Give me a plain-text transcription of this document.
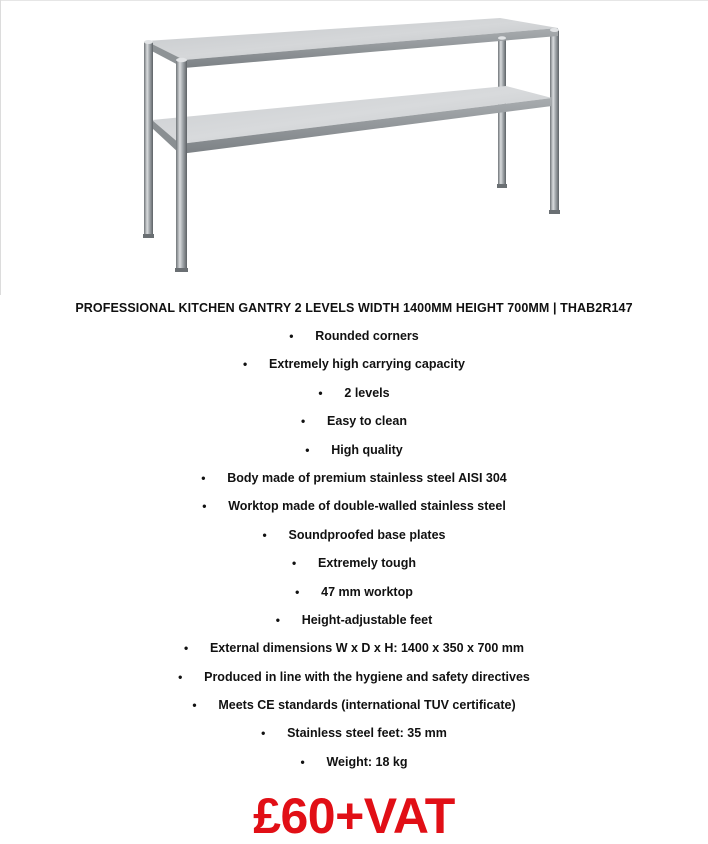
PROFESSIONAL KITCHEN GANTRY 2 LEVELS WIDTH 1400MM HEIGHT 700MM | THAB2R147
• Rounded corners
• Extremely high carrying capacity
• 2 levels
• Easy to clean
• High quality
• Body made of premium stainless steel AISI 304
• Worktop made of double-walled stainless steel
• Soundproofed base plates
• Extremely tough
• 47 mm worktop
• Height-adjustable feet
• External dimensions W x D x H: 1400 x 350 x 700 mm
• Produced in line with the hygiene and safety directives
• Meets CE standards (international TUV certificate)
• Stainless steel feet: 35 mm
• Weight: 18 kg
£60+VAT
